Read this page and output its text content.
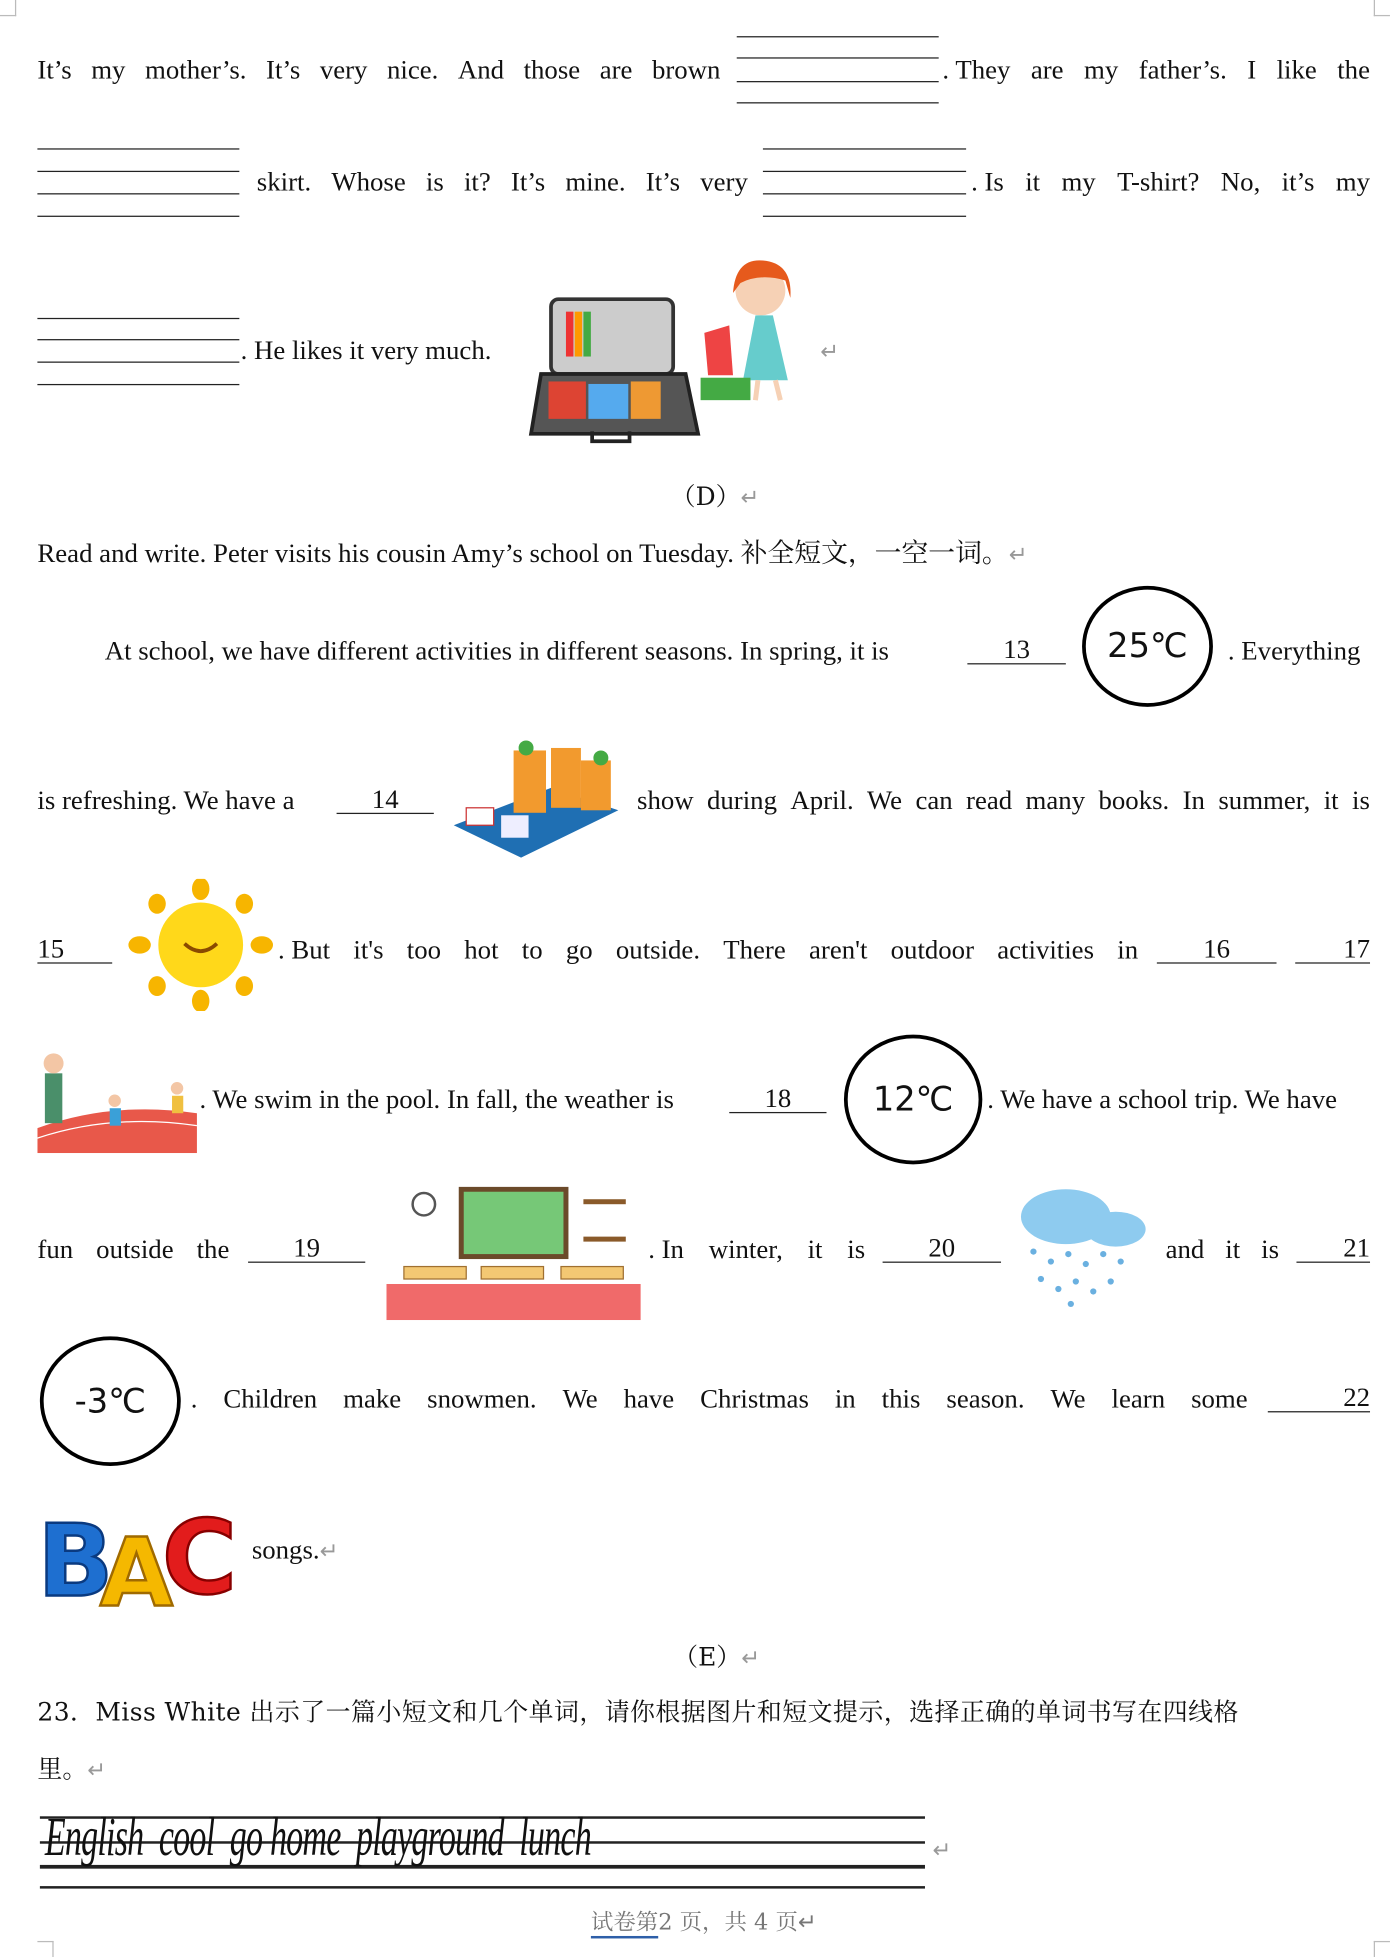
It’s my mother’s. It’s very nice. And those are brown	. They are my father’s. I like the
skirt. Whose is it? It’s mine. It’s very	. Is it my T-shirt? No, it’s my
. He likes it very much.	↵
（D）↵
Read and write. Peter visits his cousin Amy’s school on Tuesday. 补全短文，一空一词。↵
At school, we have different activities in different seasons. In spring, it is	13	25℃ . Everything
is refreshing. We have a	14	show during April. We can read many books. In summer, it is
15	. But it's too hot to go outside. There aren't outdoor activities in	16	17
. We swim in the pool. In fall, the weather is	18	12℃ . We have a school trip. We have
fun outside the	19	. In winter, it is	20	and it is	21
-3℃ . Children make snowmen. We have Christmas in this season. We learn some	22
B
A
C songs.↵
（E）↵
23．Miss White 出示了一篇小短文和几个单词，请你根据图片和短文提示，选择正确的单词书写在四线格
里。↵
English  cool  go home  playground  lunch	↵
试卷第2 页，共 4 页↵
